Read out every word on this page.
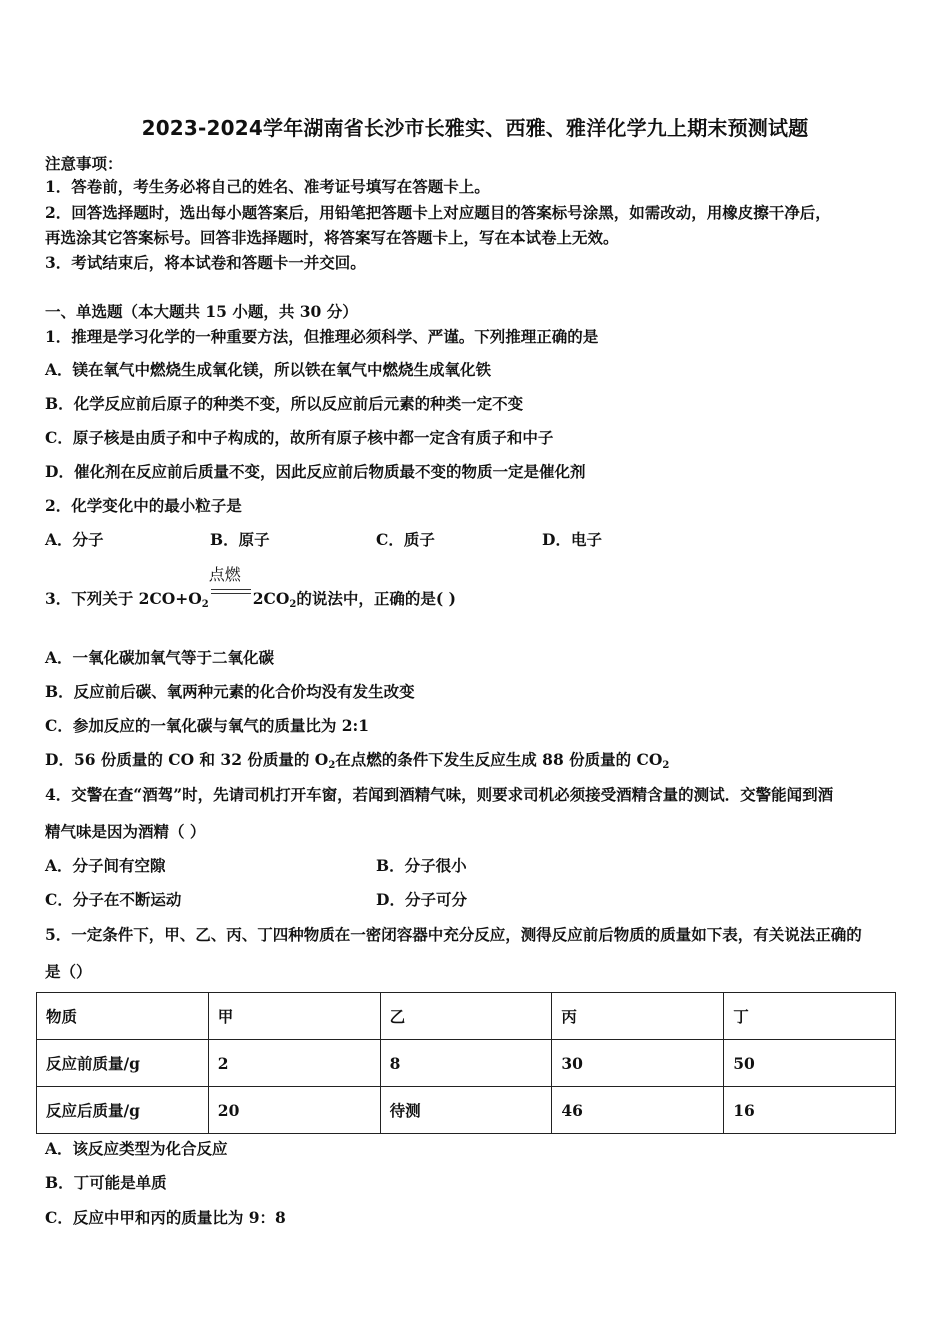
2023-2024学年湖南省长沙市长雅实、西雅、雅洋化学九上期末预测试题
注意事项：
1．答卷前，考生务必将自己的姓名、准考证号填写在答题卡上。
2．回答选择题时，选出每小题答案后，用铅笔把答题卡上对应题目的答案标号涂黑，如需改动，用橡皮擦干净后，
再选涂其它答案标号。回答非选择题时，将答案写在答题卡上，写在本试卷上无效。
3．考试结束后，将本试卷和答题卡一并交回。
一、单选题（本大题共 15 小题，共 30 分）
1．推理是学习化学的一种重要方法，但推理必须科学、严谨。下列推理正确的是
A．镁在氧气中燃烧生成氧化镁，所以铁在氧气中燃烧生成氧化铁
B．化学反应前后原子的种类不变，所以反应前后元素的种类一定不变
C．原子核是由质子和中子构成的，故所有原子核中都一定含有质子和中子
D．催化剂在反应前后质量不变，因此反应前后物质最不变的物质一定是催化剂
2．化学变化中的最小粒子是
A．分子	B．原子	C．质子	D．电子
3．下列关于 $2CO+O_2$
点燃
$2CO_2$的说法中，正确的是( )
A．一氧化碳加氧气等于二氧化碳
B．反应前后碳、氧两种元素的化合价均没有发生改变
C．参加反应的一氧化碳与氧气的质量比为 2:1
D．56 份质量的 CO 和 32 份质量的 $O_2$在点燃的条件下发生反应生成 88 份质量的 $CO_2$
4．交警在查“酒驾”时，先请司机打开车窗，若闻到酒精气味，则要求司机必须接受酒精含量的测试．交警能闻到酒
精气味是因为酒精（ ）
A．分子间有空隙	B．分子很小
C．分子在不断运动	D．分子可分
5．一定条件下，甲、乙、丙、丁四种物质在一密闭容器中充分反应，测得反应前后物质的质量如下表，有关说法正确的
是（）
物质	甲	乙	丙	丁
反应前质量/g	2	8	30	50
反应后质量/g	20	待测	46	16
A．该反应类型为化合反应
B．丁可能是单质
C．反应中甲和丙的质量比为 9：8
